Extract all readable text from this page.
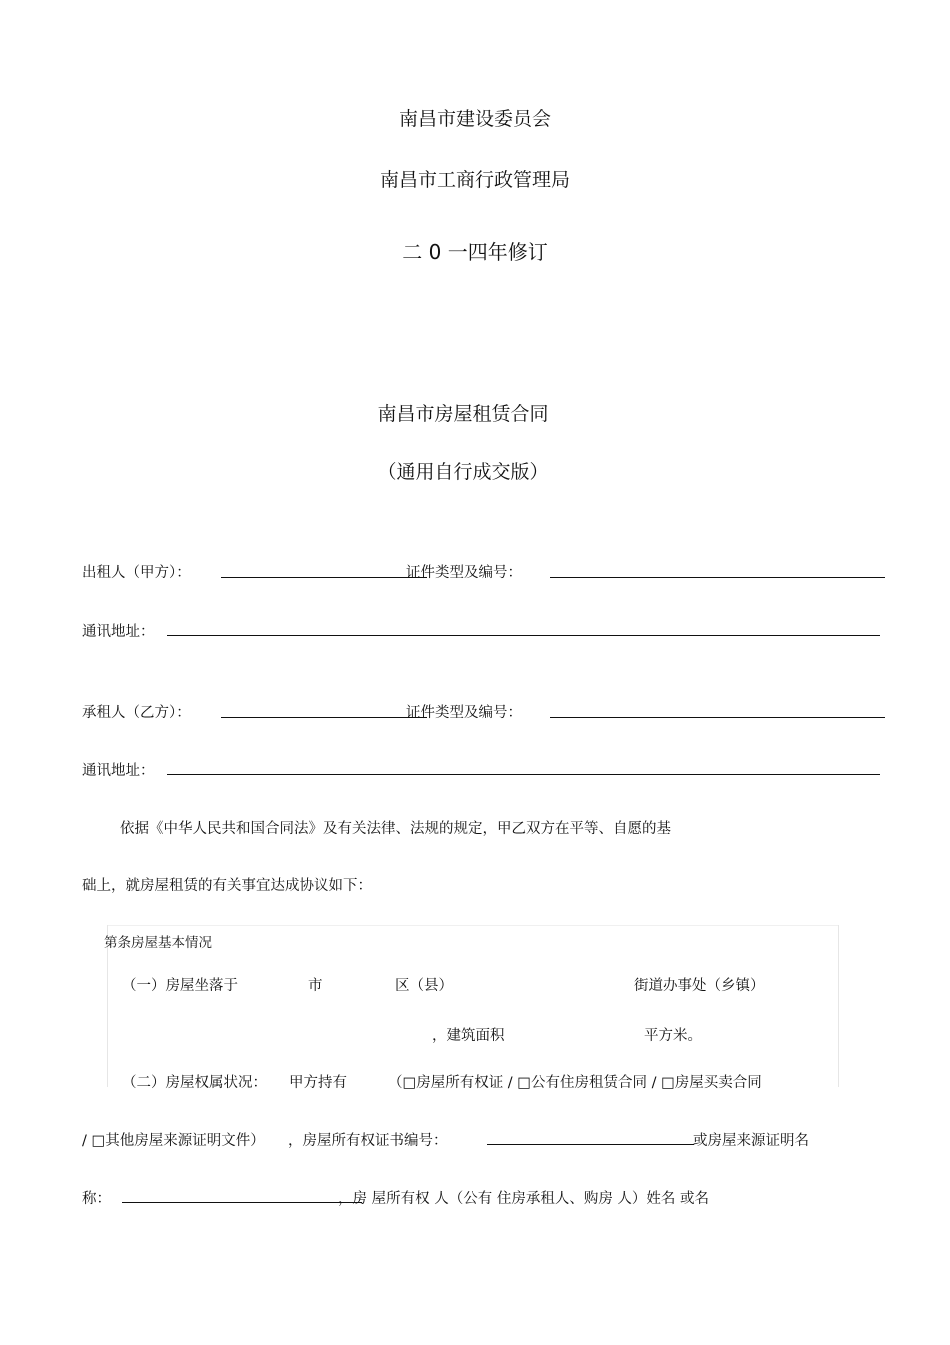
南昌市建设委员会
南昌市工商行政管理局
二 0 一四年修订
南昌市房屋租赁合同
（通用自行成交版）
出租人（甲方）：	证件类型及编号：
通讯地址：
承租人（乙方）：	证件类型及编号：
通讯地址：
依据《中华人民共和国合同法》及有关法律、法规的规定，甲乙双方在平等、自愿的基
础上，就房屋租赁的有关事宜达成协议如下：
第条房屋基本情况
（一）房屋坐落于	市	区（县）	街道办事处（乡镇）
，建筑面积	平方米。
（二）房屋权属状况： 甲方持有	（□房屋所有权证 / □公有住房租赁合同 / □房屋买卖合同
/ □其他房屋来源证明文件） ，房屋所有权证书编号：	或房屋来源证明名
称：	，房 屋所有权 人（公有 住房承租人、购房 人）姓名 或名
